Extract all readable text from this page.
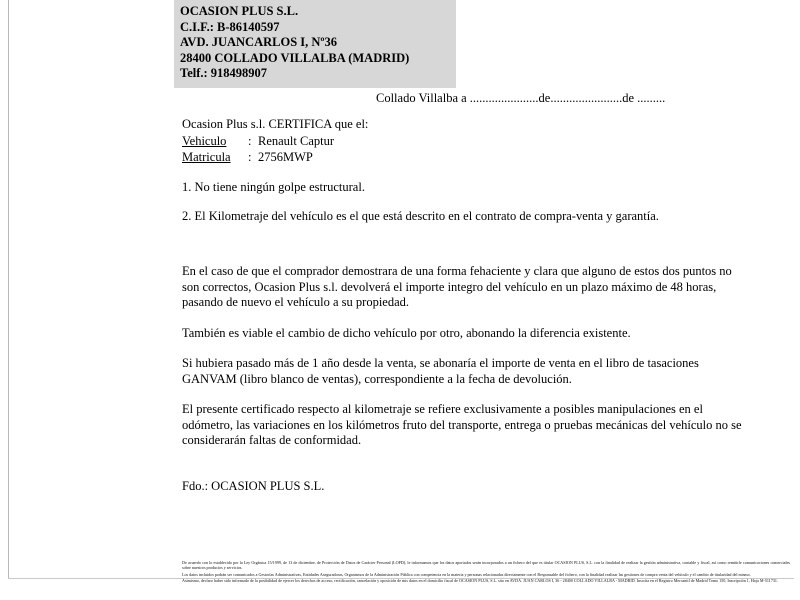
OCASION PLUS S.L.
C.I.F.: B-86140597
AVD. JUANCARLOS I, Nº36
28400 COLLADO VILLALBA (MADRID)
Telf.: 918498907
Collado Villalba a ......................de.......................de .........
Ocasion Plus s.l. CERTIFICA que el:
Vehiculo : Renault Captur
Matricula : 2756MWP

1. No tiene ningún golpe estructural.

2. El Kilometraje del vehículo es el que está descrito en el contrato de compra-venta y garantía.

En el caso de que el comprador demostrara de una forma fehaciente y clara que alguno de estos dos puntos no son correctos, Ocasion Plus s.l. devolverá el importe integro del vehículo en un plazo máximo de 48 horas, pasando de nuevo el vehículo a su propiedad.

También es viable el cambio de dicho vehículo por otro, abonando la diferencia existente.

Si hubiera pasado más de 1 año desde la venta, se abonaría el importe de venta en el libro de tasaciones GANVAM (libro blanco de ventas), correspondiente a la fecha de devolución.

El presente certificado respecto al kilometraje se refiere exclusivamente a posibles manipulaciones en el odómetro, las variaciones en los kilómetros fruto del transporte, entrega o pruebas mecánicas del vehículo no se considerarán faltas de conformidad.

Fdo.: OCASION PLUS S.L.

De acuerdo con lo establecido por la Ley Orgánica 15/1999, de 13 de diciembre, de Protección de Datos de Carácter Personal (LOPD), le informamos que los datos aportados serán incorporados a un fichero del que es titular OCASION PLUS, S.L. con la finalidad de realizar la gestión administrativa, contable y fiscal, así como remitirle comunicaciones comerciales sobre nuestros productos y servicios.

Los datos incluidos podrán ser comunicados a Gestorías Administrativas, Entidades Aseguradoras, Organismos de la Administración Pública con competencia en la materia y personas relacionadas directamente con el Responsable del fichero, con la finalidad realizar las gestiones de compra venta del vehículo y el cambio de titularidad del mismo.

Asimismo, declaro haber sido informado de la posibilidad de ejercer los derechos de acceso, rectificación, cancelación y oposición de mis datos en el domicilio fiscal de OCASION PLUS, S.L. sito en AVDA. JUAN CARLOS I, 36 - 28400 COLLADO VILLALBA - MADRID. Inscrita en el Registro Mercantil de Madrid Tomo 150, Inscripción 1, Hoja M-511731.
